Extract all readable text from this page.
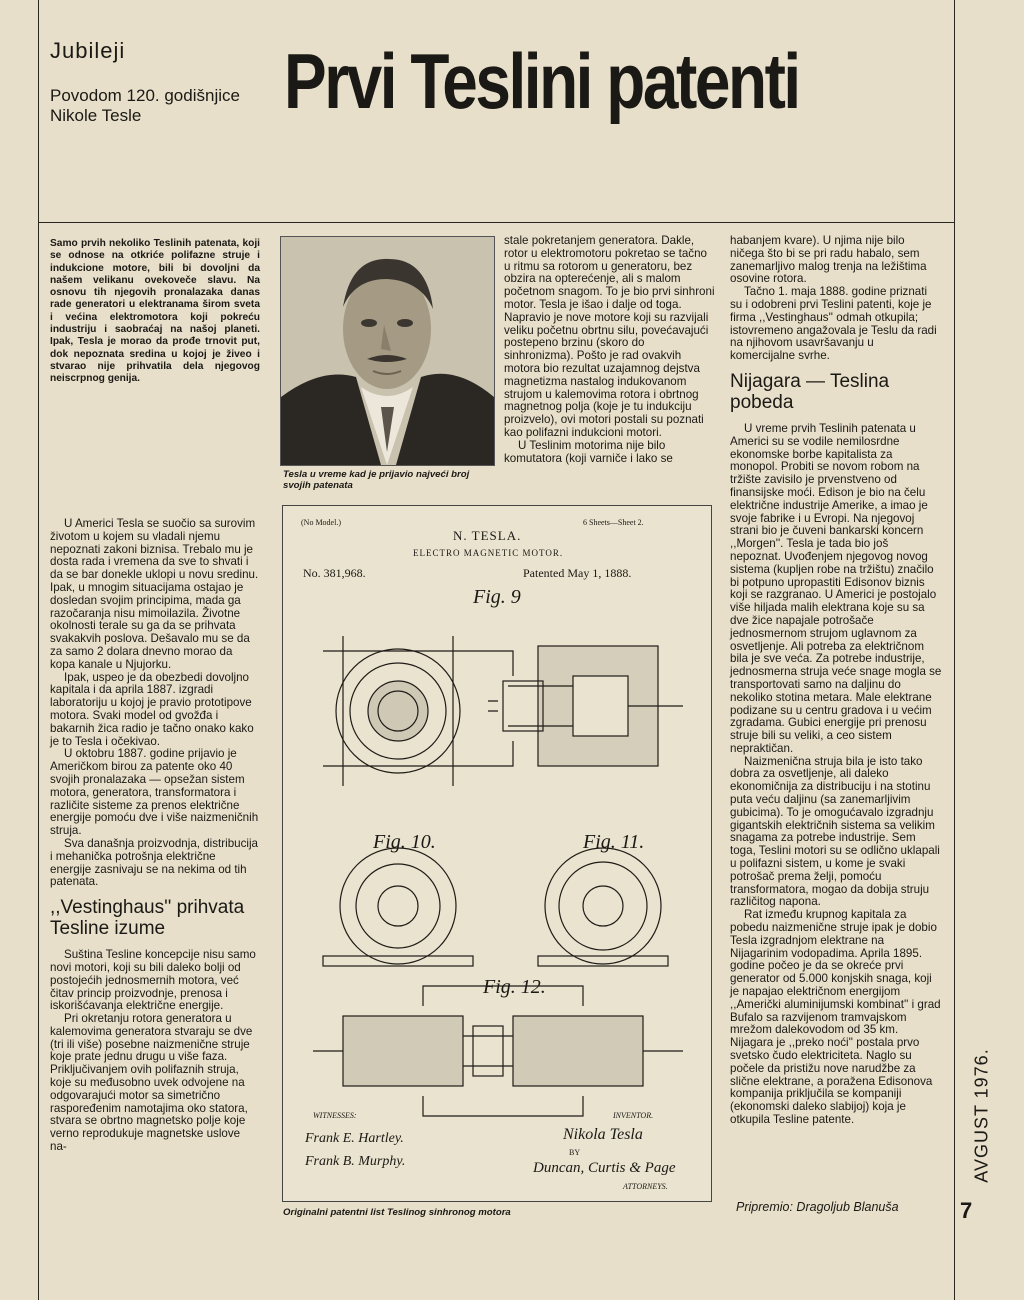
Jubileji
Povodom 120. godišnjice Nikole Tesle	Prvi Teslini patenti
Samo prvih nekoliko Teslinih patenata, koji se odnose na otkriće polifazne struje i indukcione motore, bili bi dovoljni da našem velikanu ovekoveče slavu. Na osnovu tih njegovih pronalazaka danas rade generatori u elektranama širom sveta i većina elektromotora koji pokreću industriju i saobraćaj na našoj planeti. Ipak, Tesla je morao da prođe trnovit put, dok nepoznata sredina u kojoj je živeo i stvarao nije prihvatila dela njegovog neiscrpnog genija.
Tesla u vreme kad je prijavio najveći broj svojih patenata

U Americi Tesla se suočio sa surovim životom u kojem su vladali njemu nepoznati zakoni biznisa. Trebalo mu je dosta rada i vremena da sve to shvati i da se bar donekle uklopi u novu sredinu. Ipak, u mnogim situacijama ostajao je dosledan svojim principima, mada ga razočaranja nisu mimoilazila. Životne okolnosti terale su ga da se prihvata svakakvih poslova. Dešavalo mu se da za samo 2 dolara dnevno morao da kopa kanale u Njujorku.

Ipak, uspeo je da obezbedi dovoljno kapitala i da aprila 1887. izgradi laboratoriju u kojoj je pravio prototipove motora. Svaki model od gvožđa i bakarnih žica radio je tačno onako kako je to Tesla i očekivao.

U oktobru 1887. godine prijavio je Američkom birou za patente oko 40 svojih pronalazaka — opsežan sistem motora, generatora, transformatora i različite sisteme za prenos električne energije pomoću dve i više naizmeničnih struja.

Sva današnja proizvodnja, distribucija i mehanička potrošnja električne energije zasnivaju se na nekima od tih patenata.

,,Vestinghaus'' prihvata Tesline izume

Suština Tesline koncepcije nisu samo novi motori, koji su bili daleko bolji od postojećih jednosmernih motora, već čitav princip proizvodnje, prenosa i iskorišćavanja električne energije.

Pri okretanju rotora generatora u kalemovima generatora stvaraju se dve (tri ili više) posebne naizmenične struje koje prate jednu drugu u više faza. Priključivanjem ovih polifaznih struja, koje su međusobno uvek odvojene na odgovarajući motor sa simetrično raspoređenim namotajima oko statora, stvara se obrtno magnetsko polje koje verno reprodukuje magnetske uslove na-

stale pokretanjem generatora. Dakle, rotor u elektromotoru pokretao se tačno u ritmu sa rotorom u generatoru, bez obzira na opterećenje, ali s malom početnom snagom. To je bio prvi sinhroni motor. Tesla je išao i dalje od toga. Napravio je nove motore koji su razvijali veliku početnu obrtnu silu, povećavajući postepeno brzinu (skoro do sinhronizma). Pošto je rad ovakvih motora bio rezultat uzajamnog dejstva magnetizma nastalog indukovanom strujom u kalemovima rotora i obrtnog magnetnog polja (koje je tu indukciju proizvelo), ovi motori postali su poznati kao polifazni indukcioni motori.

U Teslinim motorima nije bilo komutatora (koji varniče i lako se

habanjem kvare). U njima nije bilo ničega što bi se pri radu habalo, sem zanemarljivo malog trenja na ležištima osovine rotora.

Tačno 1. maja 1888. godine priznati su i odobreni prvi Teslini patenti, koje je firma ,,Vestinghaus'' odmah otkupila; istovremeno angažovala je Teslu da radi na njihovom usavršavanju u komercijalne svrhe.

Nijagara — Teslina pobeda

U vreme prvih Teslinih patenata u Americi su se vodile nemilosrdne ekonomske borbe kapitalista za monopol. Probiti se novom robom na tržište zavisilo je prvenstveno od finansijske moći. Edison je bio na čelu električne industrije Amerike, a imao je svoje fabrike i u Evropi. Na njegovoj strani bio je čuveni bankarski koncern ,,Morgen''. Tesla je tada bio još nepoznat. Uvođenjem njegovog novog sistema (kupljen robe na tržištu) značilo bi potpuno upropastiti Edisonov biznis koji se razgranao. U Americi je postojalo više hiljada malih elektrana koje su sa dve žice napajale potrošače jednosmernom strujom uglavnom za osvetljenje. Ali potreba za električnom bila je sve veća. Za potrebe industrije, jednosmerna struja veće snage mogla se transportovati samo na daljinu do nekoliko stotina metara. Male elektrane podizane su u centru gradova i u većim zgradama. Gubici energije pri prenosu struje bili su veliki, a ceo sistem nepraktičan.

Naizmenična struja bila je isto tako dobra za osvetljenje, ali daleko ekonomičnija za distribuciju i na stotinu puta veću daljinu (sa zanemarljivim gubicima). To je omogućavalo izgradnju gigantskih električnih sistema sa velikim snagama za potrebe industrije. Sem toga, Teslini motori su se odlično uklapali u polifazni sistem, u kome je svaki potrošač prema želji, pomoću transformatora, mogao da dobija struju različitog napona.

Rat između krupnog kapitala za pobedu naizmenične struje ipak je dobio Tesla izgradnjom elektrane na Nijagarinim vodopadima. Aprila 1895. godine počeo je da se okreće prvi generator od 5.000 konjskih snaga, koji je napajao električnom energijom ,,Američki aluminijumski kombinat'' i grad Bufalo sa razvijenom tramvajskom mrežom dalekovodom od 35 km. Nijagara je ,,preko noći'' postala prvo svetsko čudo elektriciteta. Naglo su počele da pristižu nove narudžbe za slične elektrane, a poražena Edisonova kompanija priključila se kompaniji (ekonomski daleko slabijoj) koja je otkupila Tesline patente.

(No Model.)	6 Sheets—Sheet 2.
N. TESLA.
ELECTRO MAGNETIC MOTOR.
No. 381,968.	Patented May 1, 1888.
Fig. 9
Fig. 10.	Fig. 11.
Fig. 12.
WITNESSES:	INVENTOR.
Frank E. Hartley.
Frank B. Murphy.
Nikola Tesla
BY
Duncan, Curtis & Page
ATTORNEYS.
Originalni patentni list Teslinog sinhronog motora	Pripremio: Dragoljub Blanuša
AVGUST 1976.
7
